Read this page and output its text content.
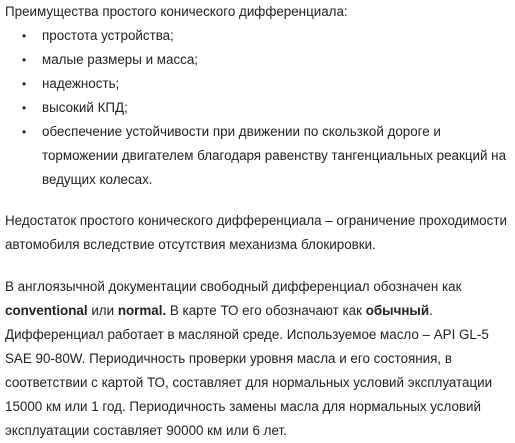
Преимущества простого конического дифференциала:

• простота устройства;
• малые размеры и масса;
• надежность;
• высокий КПД;
• обеспечение устойчивости при движении по скользкой дороге и торможении двигателем благодаря равенству тангенциальных реакций на ведущих колесах.

Недостаток простого конического дифференциала – ограничение проходимости автомобиля вследствие отсутствия механизма блокировки.

В англоязычной документации свободный дифференциал обозначен как conventional или normal. В карте ТО его обозначают как обычный. Дифференциал работает в масляной среде. Используемое масло – API GL-5 SAE 90-80W. Периодичность проверки уровня масла и его состояния, в соответствии с картой ТО, составляет для нормальных условий эксплуатации 15000 км или 1 год. Периодичность замены масла для нормальных условий эксплуатации составляет 90000 км или 6 лет.
